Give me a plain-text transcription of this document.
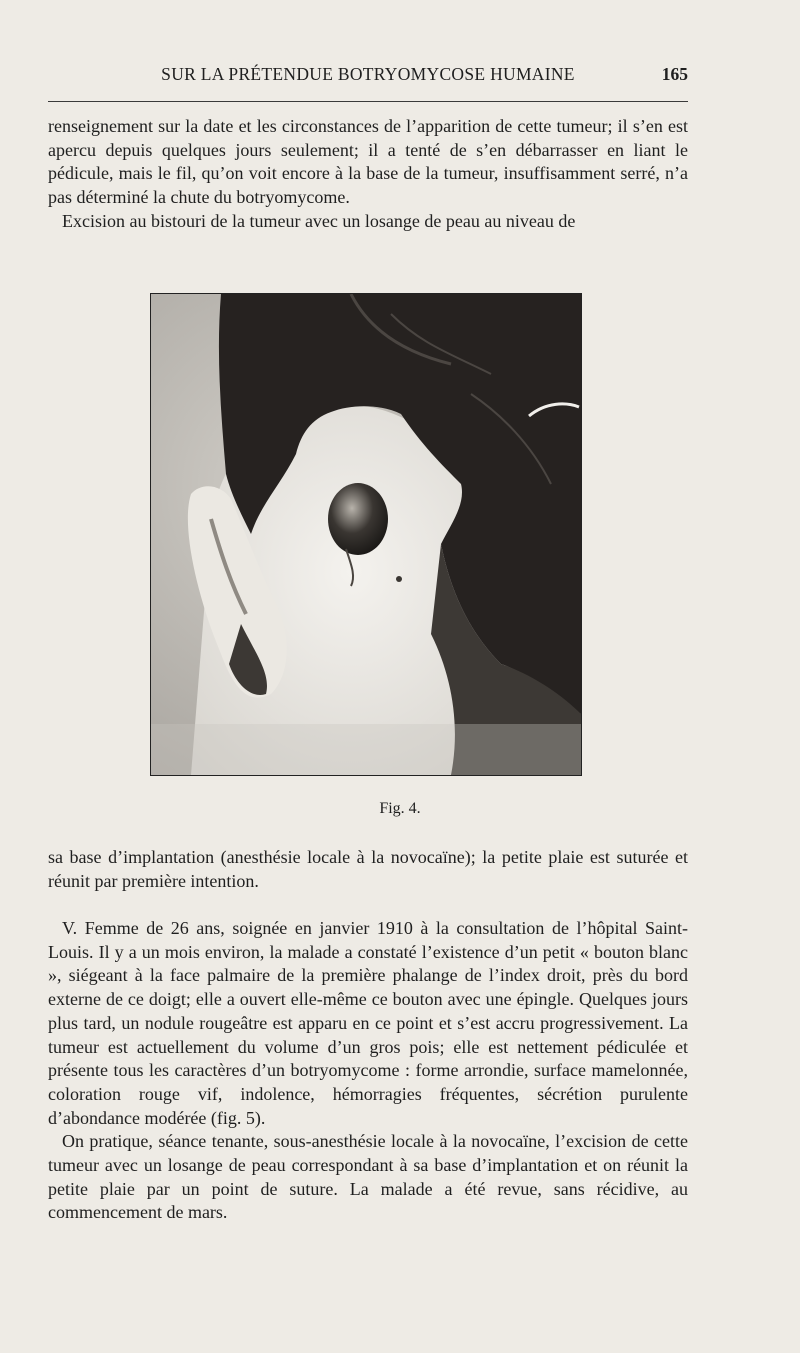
SUR LA PRÉTENDUE BOTRYOMYCOSE HUMAINE	165

renseignement sur la date et les circonstances de l’apparition de cette tumeur; il s’en est apercu depuis quelques jours seulement; il a tenté de s’en débarrasser en liant le pédicule, mais le fil, qu’on voit encore à la base de la tumeur, insuffisamment serré, n’a pas déterminé la chute du botryomycome.

Excision au bistouri de la tumeur avec un losange de peau au niveau de

Fig. 4.

sa base d’implantation (anesthésie locale à la novocaïne); la petite plaie est suturée et réunit par première intention.

V. Femme de 26 ans, soignée en janvier 1910 à la consultation de l’hôpital Saint-Louis. Il y a un mois environ, la malade a constaté l’existence d’un petit « bouton blanc », siégeant à la face palmaire de la première phalange de l’index droit, près du bord externe de ce doigt; elle a ouvert elle-même ce bouton avec une épingle. Quelques jours plus tard, un nodule rougeâtre est apparu en ce point et s’est accru progressivement. La tumeur est actuellement du volume d’un gros pois; elle est nettement pédiculée et présente tous les caractères d’un botryomycome : forme arrondie, surface mamelonnée, coloration rouge vif, indolence, hémorragies fréquentes, sécrétion purulente d’abondance modérée (fig. 5).

On pratique, séance tenante, sous-anesthésie locale à la novocaïne, l’excision de cette tumeur avec un losange de peau correspondant à sa base d’implantation et on réunit la petite plaie par un point de suture. La malade a été revue, sans récidive, au commencement de mars.
